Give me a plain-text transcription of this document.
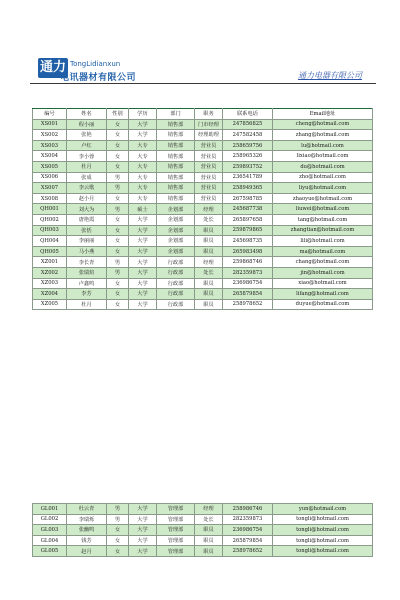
通力 TongLidianxun
电讯器材有限公司	通力电器有限公司
编号	姓名	性别	学历	部门	职务	联系电话	Email地址
XS001	程小丽	女	大学	销售部	门市经理	247856825	cheng@hotmail.com
XS002	张艳	女	大学	销售部	经理助理	247582458	zhang@hotmail.com
XS003	卢红	女	大专	销售部	营业员	258659756	lu@hotmail.com
XS004	李小蓉	女	大专	销售部	营业员	258965326	lixiao@hotmail.com
XS005	杜月	女	大专	销售部	营业员	259893752	du@hotmail.com
XS006	张成	男	大专	销售部	营业员	236541789	zho@hotmail.com
XS007	李云歌	男	大专	销售部	营业员	258949365	liyu@hotmail.com
XS008	赵小月	女	大专	销售部	营业员	267598785	zhaoyue@hotmail.com
QH001	刘大为	男	硕士	企划部	经理	245687738	liuwei@hotmail.com
QH002	唐艳霞	女	大学	企划部	处长	265897658	tang@hotmail.com
QH003	张恬	女	大学	企划部	职员	259879865	zhangtian@hotmail.com
QH004	李丽丽	女	大学	企划部	职员	245698735	lili@hotmail.com
QH005	马小燕	女	大学	企划部	职员	265983498	ma@hotmail.com
XZ001	李长青	男	大学	行政部	经理	259868746	chang@hotmail.com
XZ002	张瑞煊	男	大学	行政部	处长	282359873	jin@hotmail.com
XZ003	卢鑫鸣	女	大学	行政部	职员	236986754	xiao@hotmail.com
XZ004	李芳	女	大学	行政部	职员	265879854	lifang@hotmail.com
XZ005	杜月	女	大学	行政部	职员	258978652	duyue@hotmail.com
GL001	杜云青	男	大学	管理部	经理	258986746	yun@hotmail.com
GL002	李瑞烁	男	大学	管理部	处长	282359873	tongli@hotmail.com
GL003	张幽鸣	女	大学	管理部	职员	236986754	tongli@hotmail.com
GL004	钱芳	女	大学	管理部	职员	265879854	tongli@hotmail.com
GL005	赵月	女	大学	管理部	职员	258978652	tongli@hotmail.com
